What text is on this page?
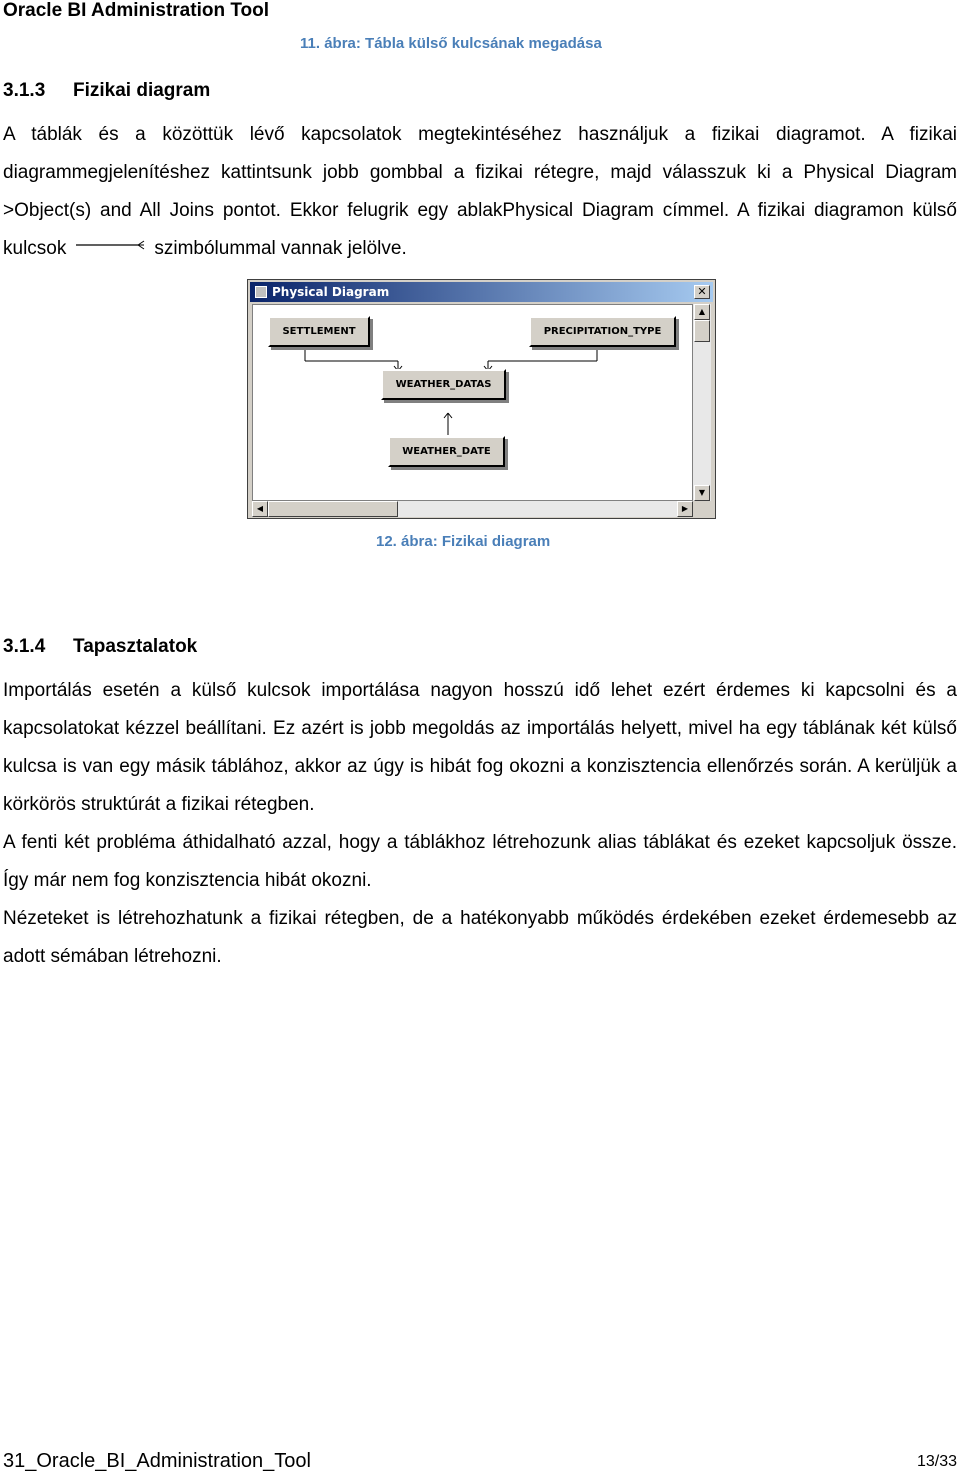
Oracle BI Administration Tool
11. ábra: Tábla külső kulcsának megadása
3.1.3 Fizikai diagram

A táblák és a közöttük lévő kapcsolatok megtekintéséhez használjuk a fizikai diagramot. A fizikai diagrammegjelenítéshez kattintsunk jobb gombbal a fizikai rétegre, majd válasszuk ki a Physical Diagram >Object(s) and All Joins pontot. Ekkor felugrik egy ablakPhysical Diagram címmel. A fizikai diagramon külső kulcsok	szimbólummal vannak jelölve.

Physical Diagram	✕
SETTLEMENT	PRECIPITATION_TYPE
WEATHER_DATAS
WEATHER_DATE
▲
▼
◀	▶
12. ábra: Fizikai diagram
3.1.4 Tapasztalatok

Importálás esetén a külső kulcsok importálása nagyon hosszú idő lehet ezért érdemes ki kapcsolni és a kapcsolatokat kézzel beállítani. Ez azért is jobb megoldás az importálás helyett, mivel ha egy táblának két külső kulcsa is van egy másik táblához, akkor az úgy is hibát fog okozni a konzisztencia ellenőrzés során. A kerüljük a körkörös struktúrát a fizikai rétegben.

A fenti két probléma áthidalható azzal, hogy a táblákhoz létrehozunk alias táblákat és ezeket kapcsoljuk össze. Így már nem fog konzisztencia hibát okozni.

Nézeteket is létrehozhatunk a fizikai rétegben, de a hatékonyabb működés érdekében ezeket érdemesebb az adott sémában létrehozni.

31_Oracle_BI_Administration_Tool	13/33
